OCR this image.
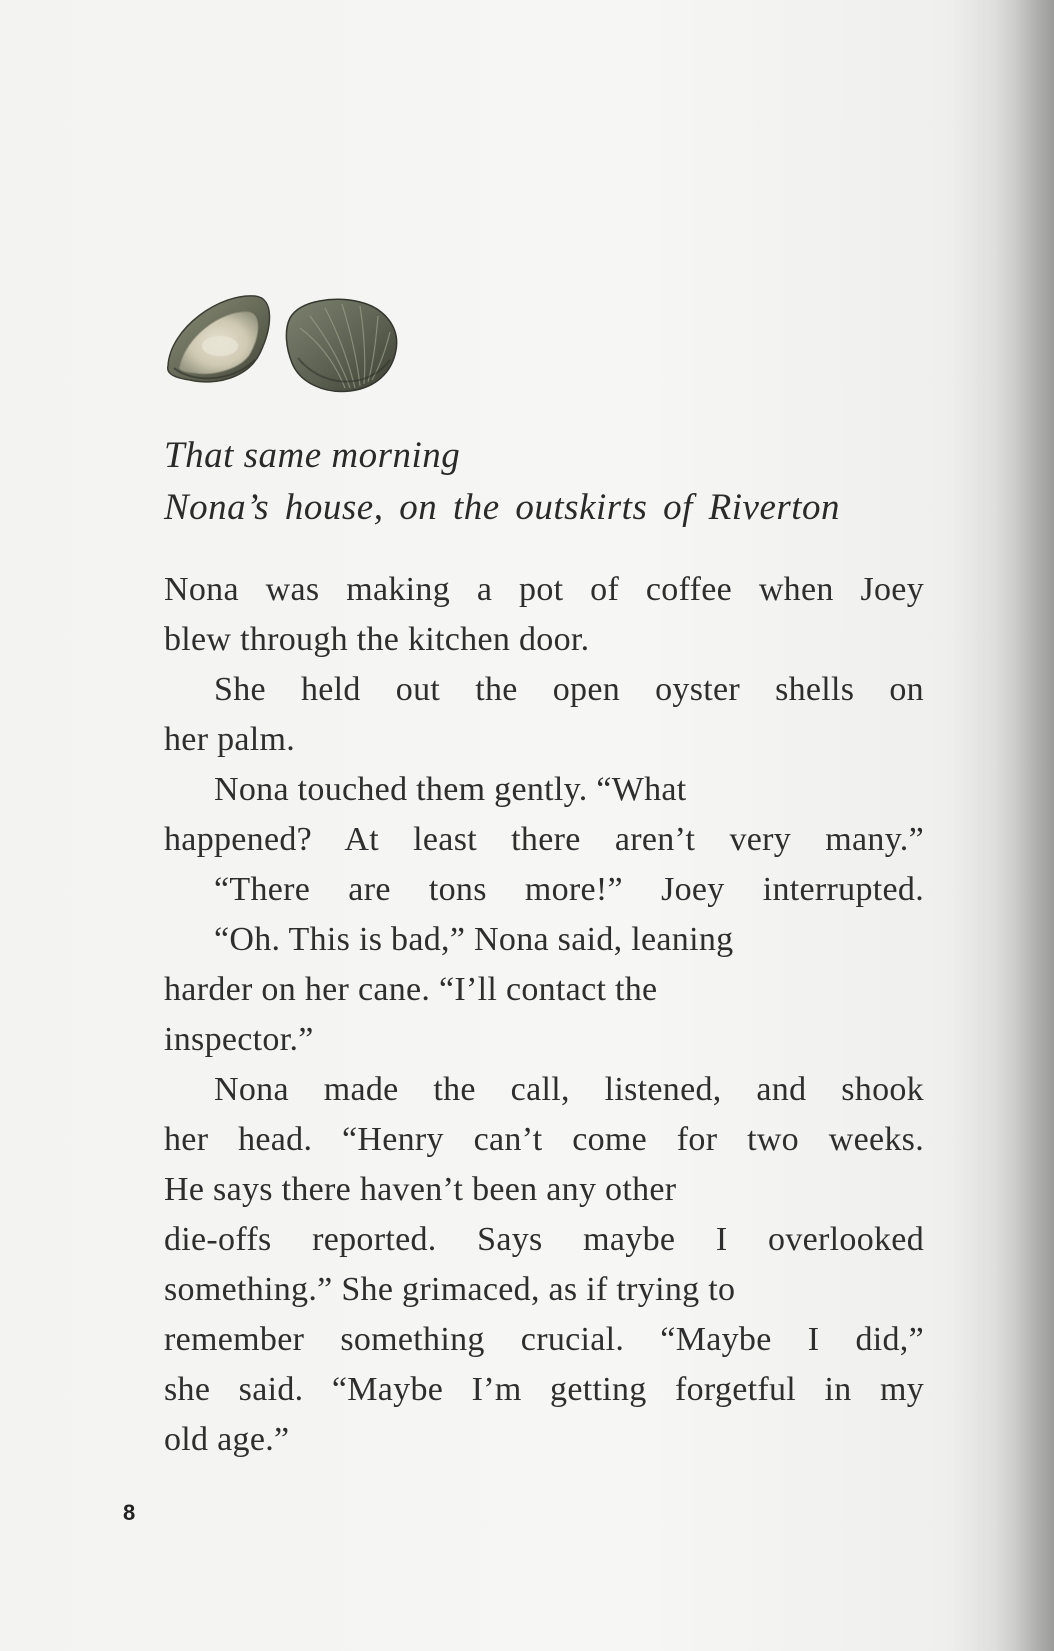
That same morning
Nona’s house, on the outskirts of Riverton
Nona was making a pot of coffee when Joey
blew through the kitchen door.
She held out the open oyster shells on
her palm.
Nona touched them gently. “What
happened? At least there aren’t very many.”
“There are tons more!” Joey interrupted.
“Oh. This is bad,” Nona said, leaning
harder on her cane. “I’ll contact the
inspector.”
Nona made the call, listened, and shook
her head. “Henry can’t come for two weeks.
He says there haven’t been any other
die-offs reported. Says maybe I overlooked
something.” She grimaced, as if trying to
remember something crucial. “Maybe I did,”
she said. “Maybe I’m getting forgetful in my
old age.”
8
